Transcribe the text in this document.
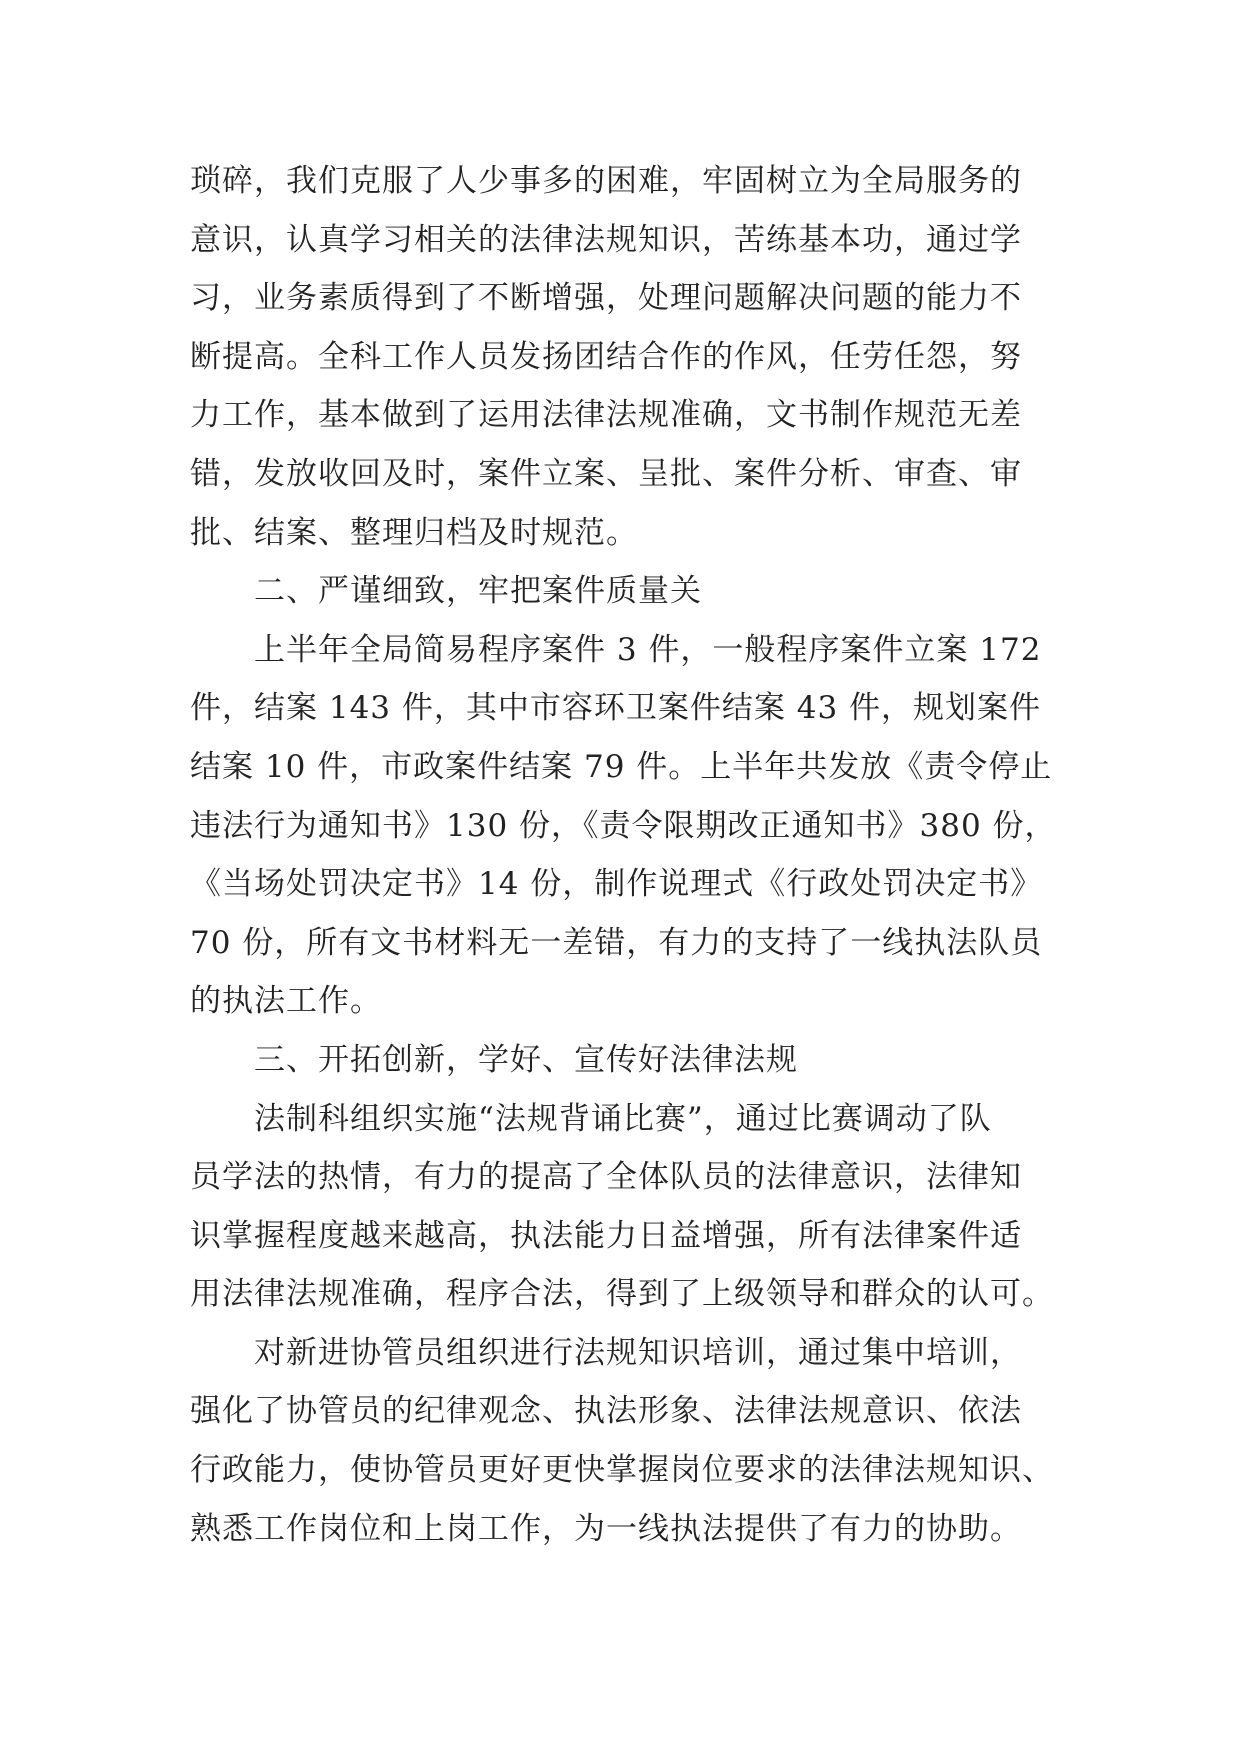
琐碎，我们克服了人少事多的困难，牢固树立为全局服务的
意识，认真学习相关的法律法规知识，苦练基本功，通过学
习，业务素质得到了不断增强，处理问题解决问题的能力不
断提高。全科工作人员发扬团结合作的作风，任劳任怨，努
力工作，基本做到了运用法律法规准确，文书制作规范无差
错，发放收回及时，案件立案、呈批、案件分析、审查、审
批、结案、整理归档及时规范。
二、严谨细致，牢把案件质量关
上半年全局简易程序案件 3 件，一般程序案件立案 172
件，结案 143 件，其中市容环卫案件结案 43 件，规划案件
结案 10 件，市政案件结案 79 件。上半年共发放《责令停止
违法行为通知书》130 份，《责令限期改正通知书》380 份，
《当场处罚决定书》14 份，制作说理式《行政处罚决定书》
70 份，所有文书材料无一差错，有力的支持了一线执法队员
的执法工作。
三、开拓创新，学好、宣传好法律法规
法制科组织实施“法规背诵比赛”，通过比赛调动了队
员学法的热情，有力的提高了全体队员的法律意识，法律知
识掌握程度越来越高，执法能力日益增强，所有法律案件适
用法律法规准确，程序合法，得到了上级领导和群众的认可。
对新进协管员组织进行法规知识培训，通过集中培训，
强化了协管员的纪律观念、执法形象、法律法规意识、依法
行政能力，使协管员更好更快掌握岗位要求的法律法规知识、
熟悉工作岗位和上岗工作，为一线执法提供了有力的协助。
